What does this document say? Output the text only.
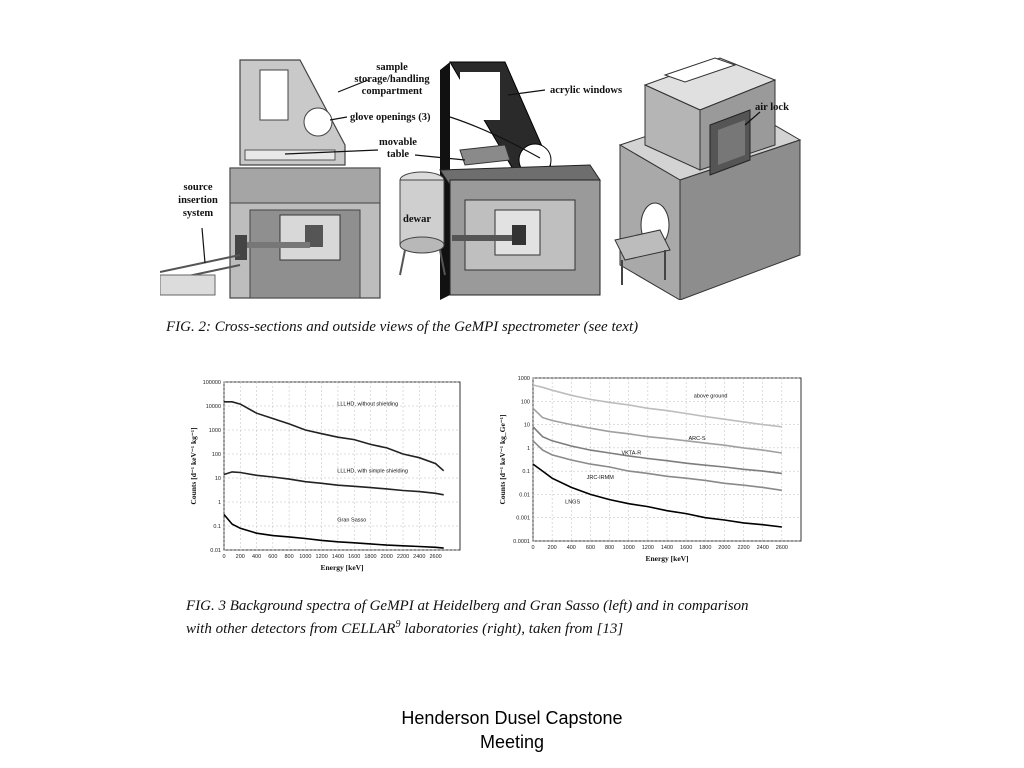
sample
storage/handling
compartment	acrylic windows
air lock
glove openings (3)
movable
table
source
insertion
system
dewar
FIG. 2: Cross-sections and outside views of the GeMPI spectrometer (see text)
0.01
0.1
1
10
100
1000
10000
100000
0 200 400 600 800 1000 1200 1400 1600 1800 2000 2200 2400 2600
LLLHD, without shielding
LLLHD, with simple shielding
Gran Sasso
Energy [keV]
Counts [d⁻¹ keV⁻¹ kg⁻¹]
0.0001
0.001
0.01
0.1
1
10
100
1000
0 200 400 600 800 1000 1200 1400 1600 1800 2000 2200 2400 2600
above ground
ARC-S
VKTA-R
JRC-IRMM
LNGS
Energy [keV]
Counts [d⁻¹ keV⁻¹ kg_Ge⁻¹]
FIG. 3 Background spectra of GeMPI at Heidelberg and Gran Sasso (left) and in comparison
with other detectors from CELLAR$^9$ laboratories (right), taken from [13]
Henderson Dusel Capstone
Meeting
